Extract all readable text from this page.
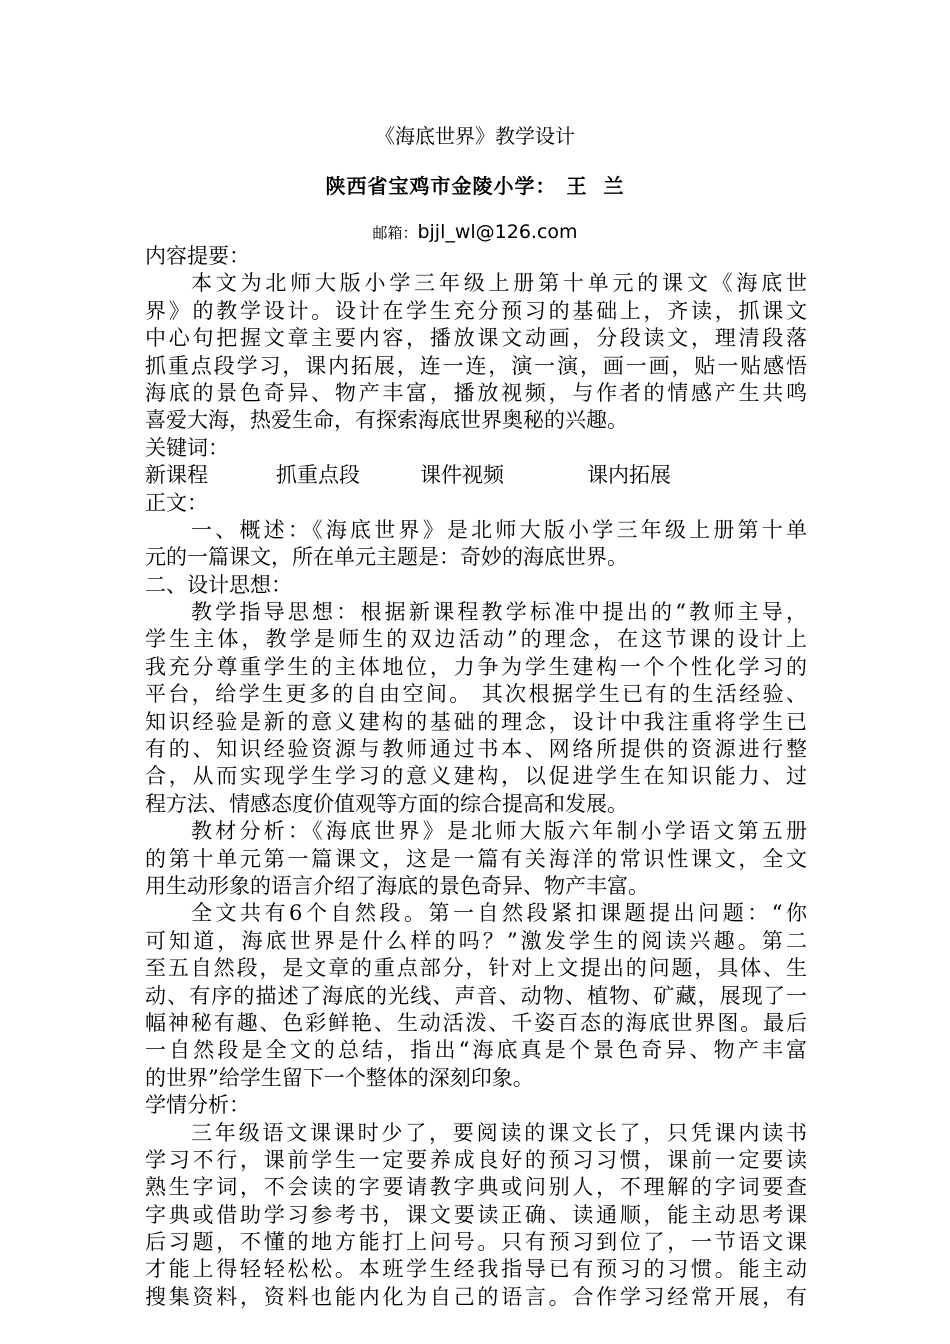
《海底世界》教学设计
陕西省宝鸡市金陵小学： 王  兰
邮箱：bjjl_wl@126.com
内容提要：
本文为北师大版小学三年级上册第十单元的课文《海底世
界》的教学设计。设计在学生充分预习的基础上，齐读，抓课文
中心句把握文章主要内容，播放课文动画，分段读文，理清段落
抓重点段学习，课内拓展，连一连，演一演，画一画，贴一贴感悟
海底的景色奇异、物产丰富，播放视频，与作者的情感产生共鸣
喜爱大海，热爱生命，有探索海底世界奥秘的兴趣。
关键词：
新课程	抓重点段	课件视频	课内拓展
正文：
一、概述：《海底世界》是北师大版小学三年级上册第十单
元的一篇课文，所在单元主题是：奇妙的海底世界。
二、设计思想：
教学指导思想：根据新课程教学标准中提出的“教师主导，
学生主体，教学是师生的双边活动”的理念，在这节课的设计上
我充分尊重学生的主体地位，力争为学生建构一个个性化学习的
平台，给学生更多的自由空间。 其次根据学生已有的生活经验、
知识经验是新的意义建构的基础的理念，设计中我注重将学生已
有的、知识经验资源与教师通过书本、网络所提供的资源进行整
合，从而实现学生学习的意义建构，以促进学生在知识能力、过
程方法、情感态度价值观等方面的综合提高和发展。
教材分析：《海底世界》是北师大版六年制小学语文第五册
的第十单元第一篇课文，这是一篇有关海洋的常识性课文，全文
用生动形象的语言介绍了海底的景色奇异、物产丰富。
全文共有6个自然段。第一自然段紧扣课题提出问题：“你
可知道，海底世界是什么样的吗？”激发学生的阅读兴趣。第二
至五自然段，是文章的重点部分，针对上文提出的问题，具体、生
动、有序的描述了海底的光线、声音、动物、植物、矿藏，展现了一
幅神秘有趣、色彩鲜艳、生动活泼、千姿百态的海底世界图。最后
一自然段是全文的总结，指出“海底真是个景色奇异、物产丰富
的世界”给学生留下一个整体的深刻印象。
学情分析：
三年级语文课课时少了，要阅读的课文长了，只凭课内读书
学习不行，课前学生一定要养成良好的预习习惯，课前一定要读
熟生字词，不会读的字要请教字典或问别人，不理解的字词要查
字典或借助学习参考书，课文要读正确、读通顺，能主动思考课
后习题，不懂的地方能打上问号。只有预习到位了，一节语文课
才能上得轻轻松松。本班学生经我指导已有预习的习惯。能主动
搜集资料，资料也能内化为自己的语言。合作学习经常开展，有
